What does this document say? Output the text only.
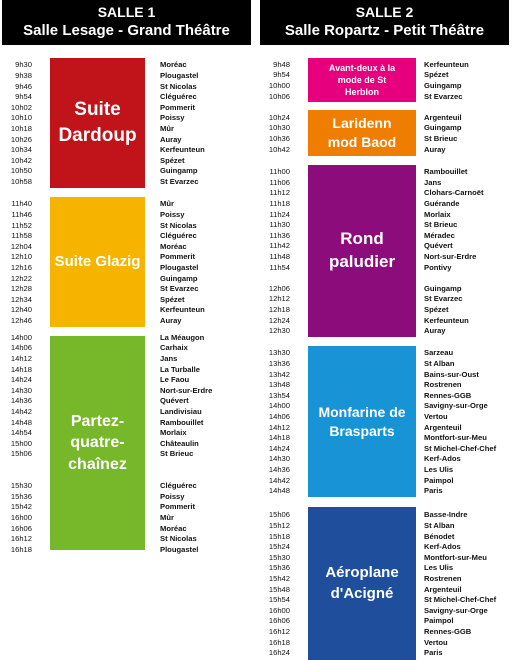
SALLE 1
Salle Lesage - Grand Théâtre
Suite
Dardoup
9h30	Moréac
9h38	Plougastel
9h46	St Nicolas
9h54	Cléguérec
10h02	Pommerit
10h10	Poissy
10h18	Mûr
10h26	Auray
10h34	Kerfeunteun
10h42	Spézet
10h50	Guingamp
10h58	St Evarzec
Suite Glazig
11h40	Mûr
11h46	Poissy
11h52	St Nicolas
11h58	Cléguérec
12h04	Moréac
12h10	Pommerit
12h16	Plougastel
12h22	Guingamp
12h28	St Evarzec
12h34	Spézet
12h40	Kerfeunteun
12h46	Auray
Partez-
quatre-
chaînez
14h00	La Méaugon
14h06	Carhaix
14h12	Jans
14h18	La Turballe
14h24	Le Faou
14h30	Nort-sur-Erdre
14h36	Quévert
14h42	Landivisiau
14h48	Rambouillet
14h54	Morlaix
15h00	Châteaulin
15h06	St Brieuc
15h30	Cléguérec
15h36	Poissy
15h42	Pommerit
16h00	Mûr
16h06	Moréac
16h12	St Nicolas
16h18	Plougastel
SALLE 2
Salle Ropartz - Petit Théâtre
Avant-deux à la
mode de St
Herblon
9h48	Kerfeunteun
9h54	Spézet
10h00	Guingamp
10h06	St Evarzec
Laridenn
mod Baod
10h24	Argenteuil
10h30	Guingamp
10h36	St Brieuc
10h42	Auray
Rond
paludier
11h00	Rambouillet
11h06	Jans
11h12	Clohars-Carnoët
11h18	Guérande
11h24	Morlaix
11h30	St Brieuc
11h36	Méradec
11h42	Quévert
11h48	Nort-sur-Erdre
11h54	Pontivy
12h06	Guingamp
12h12	St Evarzec
12h18	Spézet
12h24	Kerfeunteun
12h30	Auray
Monfarine de
Brasparts
13h30	Sarzeau
13h36	St Alban
13h42	Bains-sur-Oust
13h48	Rostrenen
13h54	Rennes-GGB
14h00	Savigny-sur-Orge
14h06	Vertou
14h12	Argenteuil
14h18	Montfort-sur-Meu
14h24	St Michel-Chef-Chef
14h30	Kerf-Ados
14h36	Les Ulis
14h42	Paimpol
14h48	Paris
Aéroplane
d'Acigné
15h06	Basse-Indre
15h12	St Alban
15h18	Bénodet
15h24	Kerf-Ados
15h30	Montfort-sur-Meu
15h36	Les Ulis
15h42	Rostrenen
15h48	Argenteuil
15h54	St Michel-Chef-Chef
16h00	Savigny-sur-Orge
16h06	Paimpol
16h12	Rennes-GGB
16h18	Vertou
16h24	Paris
